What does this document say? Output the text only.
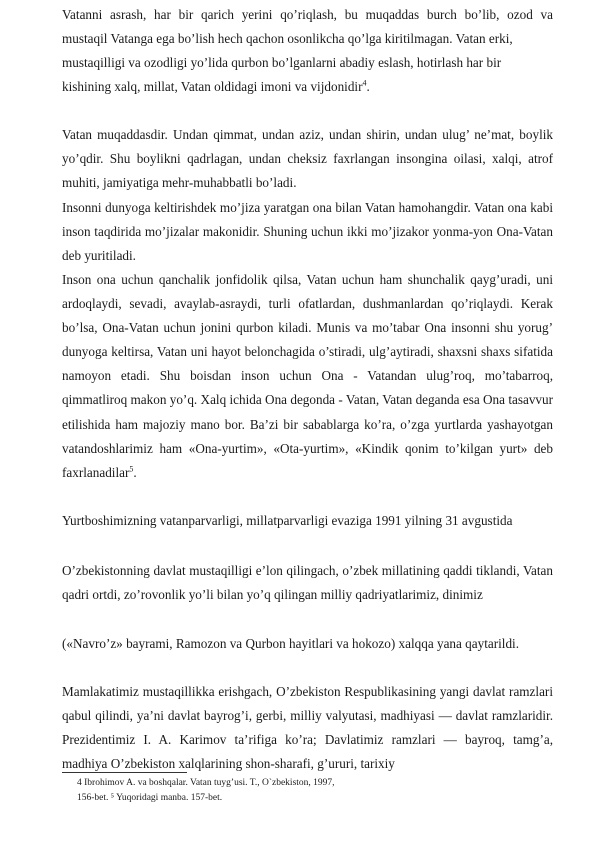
Vatanni asrash, har bir qarich yerini qo’riqlash, bu muqaddas burch bo’lib, ozod va
mustaqil Vatanga ega bo’lish hech qachon osonlikcha qo’lga kiritilmagan. Vatan erki,
mustaqilligi va ozodligi yo’lida qurbon bo’lganlarni abadiy eslash, hotirlash har bir
kishining xalq, millat, Vatan oldidagi imoni va vijdonidir$^4$.

Vatan muqaddasdir. Undan qimmat, undan aziz, undan shirin, undan ulug’ ne’mat, boylik yo’qdir. Shu boylikni qadrlagan, undan cheksiz faxrlangan insongina oilasi, xalqi, atrof muhiti, jamiyatiga mehr-muhabbatli bo’ladi.

Insonni dunyoga keltirishdek mo’jiza yaratgan ona bilan Vatan hamohangdir. Vatan ona kabi inson taqdirida mo’jizalar makonidir. Shuning uchun ikki mo’jizakor yonma-yon Ona-Vatan deb yuritiladi.

Inson ona uchun qanchalik jonfidolik qilsa, Vatan uchun ham shunchalik qayg’uradi, uni ardoqlaydi, sevadi, avaylab-asraydi, turli ofatlardan, dushmanlardan qo’riqlaydi. Kerak bo’lsa, Ona-Vatan uchun jonini qurbon kiladi. Munis va mo’tabar Ona insonni shu yorug’ dunyoga keltirsa, Vatan uni hayot belonchagida o’stiradi, ulg’aytiradi, shaxsni shaxs sifatida namoyon etadi. Shu boisdan inson uchun Ona - Vatandan ulug’roq, mo’tabarroq, qimmatliroq makon yo’q. Xalq ichida Ona degonda - Vatan, Vatan deganda esa Ona tasavvur etilishida ham majoziy mano bor. Ba’zi bir sabablarga ko’ra, o’zga yurtlarda yashayotgan vatandoshlarimiz ham «Ona-yurtim», «Ota-yurtim», «Kindik qonim to’kilgan yurt» deb faxrlanadilar$^5$.

Yurtboshimizning vatanparvarligi, millatparvarligi evaziga 1991 yilning 31 avgustida

O’zbekistonning davlat mustaqilligi e’lon qilingach, o’zbek millatining qaddi tiklandi, Vatan qadri ortdi, zo’rovonlik yo’li bilan yo’q qilingan milliy qadriyatlarimiz, dinimiz

(«Navro’z» bayrami, Ramozon va Qurbon hayitlari va hokozo) xalqqa yana qaytarildi.

Mamlakatimiz mustaqillikka erishgach, O’zbekiston Respublikasining yangi davlat ramzlari qabul qilindi, ya’ni davlat bayrog’i, gerbi, milliy valyutasi, madhiyasi — davlat ramzlaridir. Prezidentimiz I. A. Karimov ta’rifiga ko’ra; Davlatimiz ramzlari — bayroq, tamg’a, madhiya O’zbekiston xalqlarining shon-sharafi, g’ururi, tarixiy

4 Ibrohimov A. va boshqalar. Vatan tuyg’usi. T., O`zbekiston, 1997,
156-bet. ⁵ Yuqoridagi manba. 157-bet.
